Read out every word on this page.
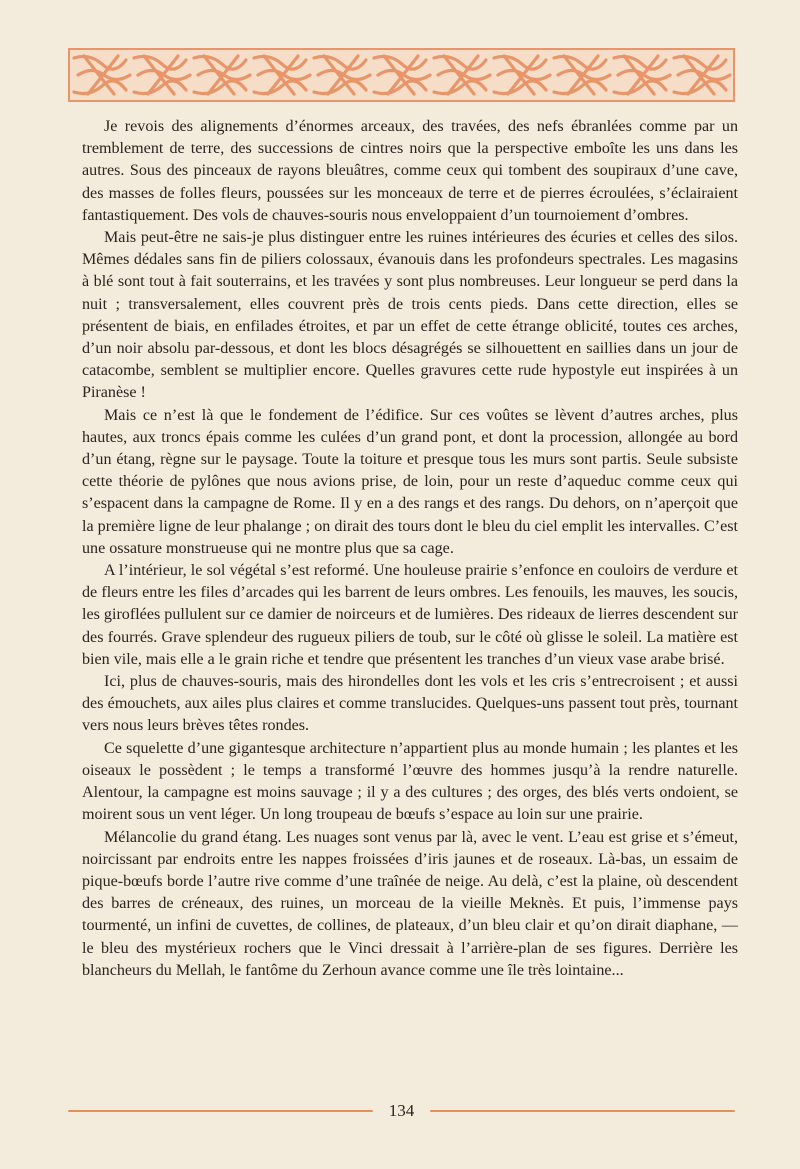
Je revois des alignements d’énormes arceaux, des travées, des nefs ébranlées comme par un tremblement de terre, des successions de cintres noirs que la perspective emboîte les uns dans les autres. Sous des pinceaux de rayons bleuâtres, comme ceux qui tombent des soupiraux d’une cave, des masses de folles fleurs, poussées sur les monceaux de terre et de pierres écroulées, s’éclairaient fantastiquement. Des vols de chauves-souris nous enveloppaient d’un tournoiement d’ombres.

Mais peut-être ne sais-je plus distinguer entre les ruines intérieures des écuries et celles des silos. Mêmes dédales sans fin de piliers colossaux, évanouis dans les profondeurs spectrales. Les magasins à blé sont tout à fait souterrains, et les travées y sont plus nombreuses. Leur longueur se perd dans la nuit ; transversalement, elles couvrent près de trois cents pieds. Dans cette direction, elles se présentent de biais, en enfilades étroites, et par un effet de cette étrange oblicité, toutes ces arches, d’un noir absolu par-dessous, et dont les blocs désagrégés se silhouettent en saillies dans un jour de catacombe, semblent se multiplier encore. Quelles gravures cette rude hypostyle eut inspirées à un Piranèse !

Mais ce n’est là que le fondement de l’édifice. Sur ces voûtes se lèvent d’autres arches, plus hautes, aux troncs épais comme les culées d’un grand pont, et dont la procession, allongée au bord d’un étang, règne sur le paysage. Toute la toiture et presque tous les murs sont partis. Seule subsiste cette théorie de pylônes que nous avions prise, de loin, pour un reste d’aqueduc comme ceux qui s’espacent dans la campagne de Rome. Il y en a des rangs et des rangs. Du dehors, on n’aperçoit que la première ligne de leur phalange ; on dirait des tours dont le bleu du ciel emplit les intervalles. C’est une ossature monstrueuse qui ne montre plus que sa cage.

A l’intérieur, le sol végétal s’est reformé. Une houleuse prairie s’enfonce en couloirs de verdure et de fleurs entre les files d’arcades qui les barrent de leurs ombres. Les fenouils, les mauves, les soucis, les giroflées pullulent sur ce damier de noirceurs et de lumières. Des rideaux de lierres descendent sur des fourrés. Grave splendeur des rugueux piliers de toub, sur le côté où glisse le soleil. La matière est bien vile, mais elle a le grain riche et tendre que présentent les tranches d’un vieux vase arabe brisé.

Ici, plus de chauves-souris, mais des hirondelles dont les vols et les cris s’entrecroisent ; et aussi des émouchets, aux ailes plus claires et comme translucides. Quelques-uns passent tout près, tournant vers nous leurs brèves têtes rondes.

Ce squelette d’une gigantesque architecture n’appartient plus au monde humain ; les plantes et les oiseaux le possèdent ; le temps a transformé l’œuvre des hommes jusqu’à la rendre naturelle. Alentour, la campagne est moins sauvage ; il y a des cultures ; des orges, des blés verts ondoient, se moirent sous un vent léger. Un long troupeau de bœufs s’espace au loin sur une prairie.

Mélancolie du grand étang. Les nuages sont venus par là, avec le vent. L’eau est grise et s’émeut, noircissant par endroits entre les nappes froissées d’iris jaunes et de roseaux. Là-bas, un essaim de pique-bœufs borde l’autre rive comme d’une traînée de neige. Au delà, c’est la plaine, où descendent des barres de créneaux, des ruines, un morceau de la vieille Meknès. Et puis, l’immense pays tourmenté, un infini de cuvettes, de collines, de plateaux, d’un bleu clair et qu’on dirait diaphane, — le bleu des mystérieux rochers que le Vinci dressait à l’arrière-plan de ses figures. Derrière les blancheurs du Mellah, le fantôme du Zerhoun avance comme une île très lointaine...

134
